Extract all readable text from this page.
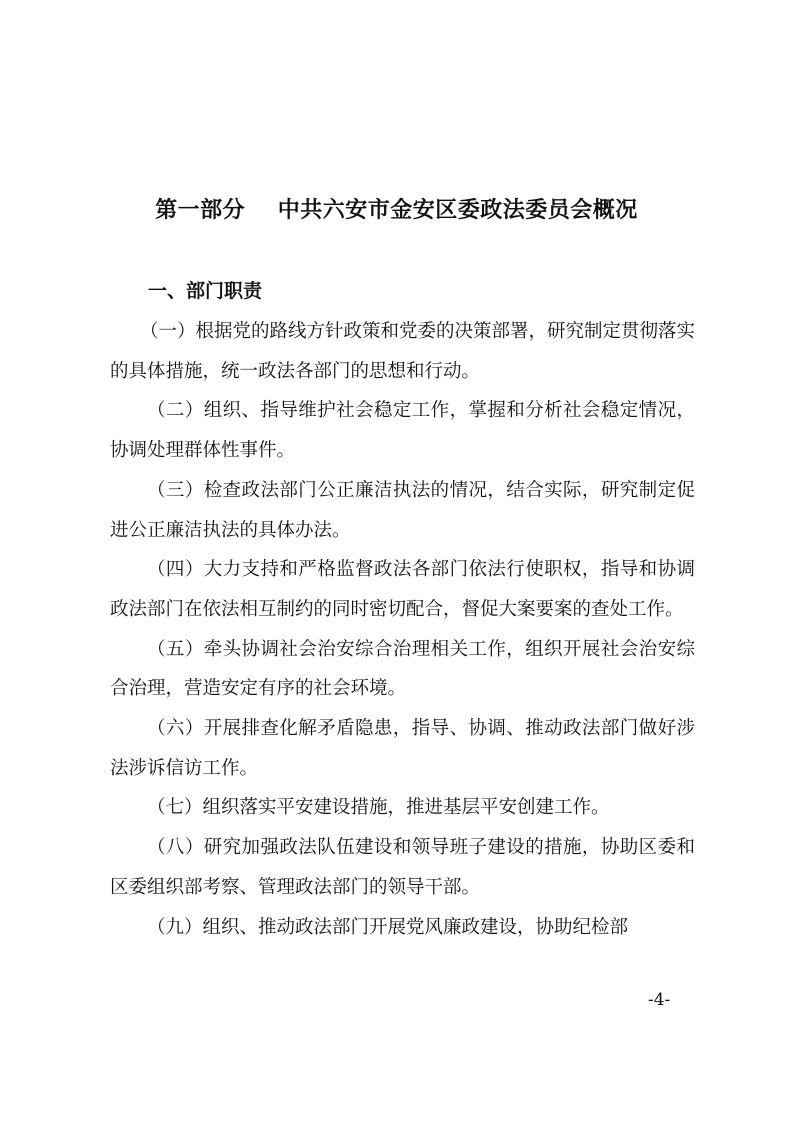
第一部分    中共六安市金安区委政法委员会概况
一、部门职责

（一）根据党的路线方针政策和党委的决策部署，研究制定贯彻落实的具体措施，统一政法各部门的思想和行动。

（二）组织、指导维护社会稳定工作，掌握和分析社会稳定情况，协调处理群体性事件。

（三）检查政法部门公正廉洁执法的情况，结合实际，研究制定促进公正廉洁执法的具体办法。

（四）大力支持和严格监督政法各部门依法行使职权，指导和协调政法部门在依法相互制约的同时密切配合，督促大案要案的查处工作。

（五）牵头协调社会治安综合治理相关工作，组织开展社会治安综合治理，营造安定有序的社会环境。

（六）开展排查化解矛盾隐患，指导、协调、推动政法部门做好涉法涉诉信访工作。

（七）组织落实平安建设措施，推进基层平安创建工作。

（八）研究加强政法队伍建设和领导班子建设的措施，协助区委和区委组织部考察、管理政法部门的领导干部。

（九）组织、推动政法部门开展党风廉政建设，协助纪检部

-4-
